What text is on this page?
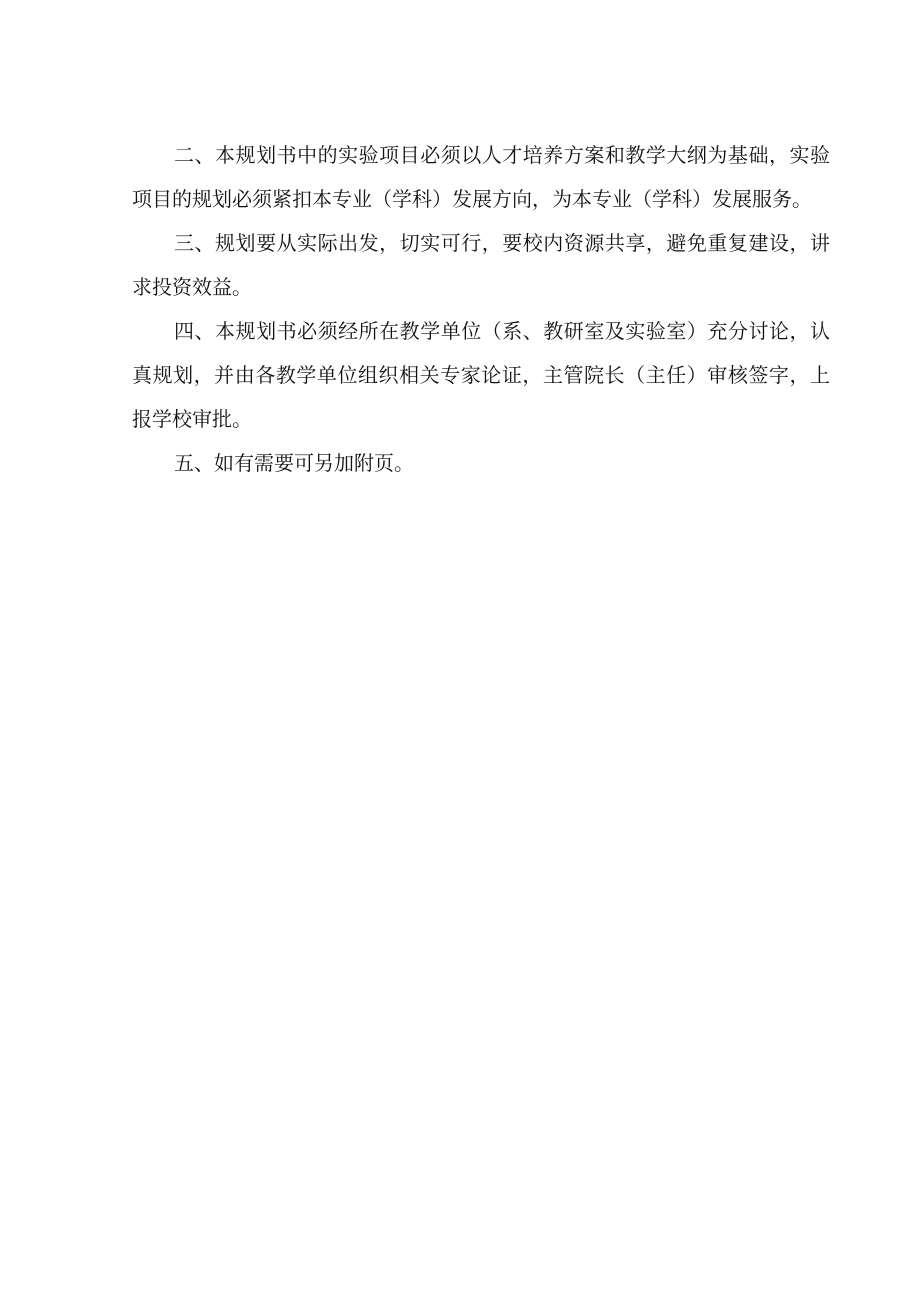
二、本规划书中的实验项目必须以人才培养方案和教学大纲为基础，实验项目的规划必须紧扣本专业（学科）发展方向，为本专业（学科）发展服务。

三、规划要从实际出发，切实可行，要校内资源共享，避免重复建设，讲求投资效益。

四、本规划书必须经所在教学单位（系、教研室及实验室）充分讨论，认真规划，并由各教学单位组织相关专家论证，主管院长（主任）审核签字，上报学校审批。

五、如有需要可另加附页。
